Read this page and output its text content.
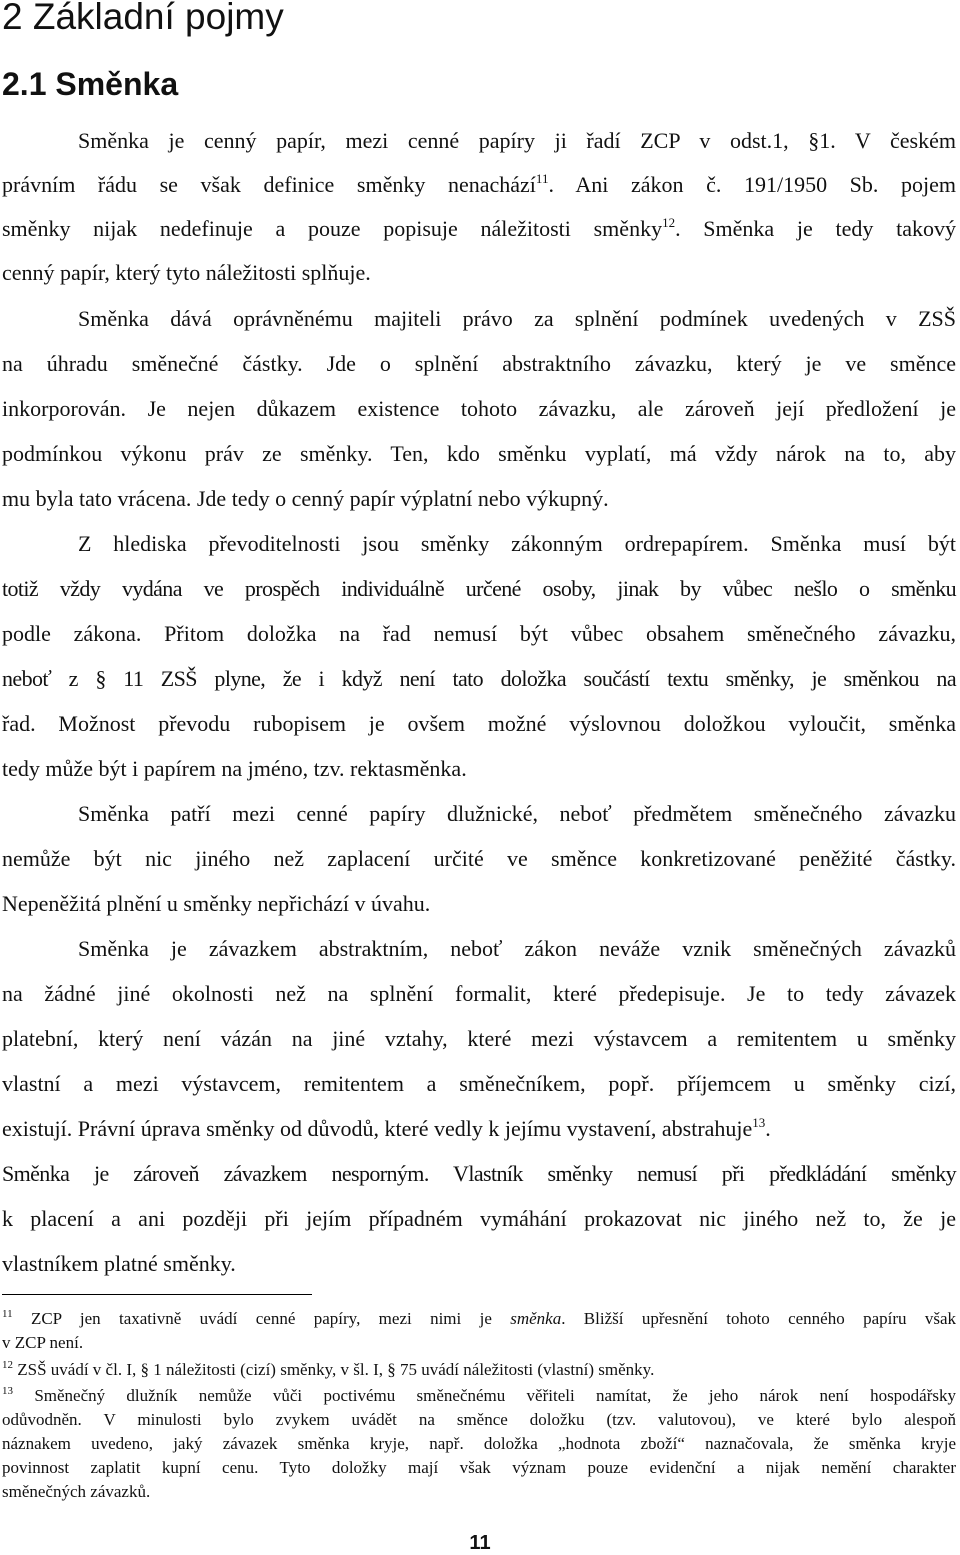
2 Základní pojmy
2.1 Směnka
Směnka je cenný papír, mezi cenné papíry ji řadí ZCP v odst.1, §1. V českém
právním řádu se však definice směnky nenachází$^{11}$. Ani zákon č. 191/1950 Sb. pojem
směnky nijak nedefinuje a pouze popisuje náležitosti směnky$^{12}$. Směnka je tedy takový
cenný papír, který tyto náležitosti splňuje.
Směnka dává oprávněnému majiteli právo za splnění podmínek uvedených v ZSŠ
na úhradu směnečné částky. Jde o splnění abstraktního závazku, který je ve směnce
inkorporován. Je nejen důkazem existence tohoto závazku, ale zároveň její předložení je
podmínkou výkonu práv ze směnky. Ten, kdo směnku vyplatí, má vždy nárok na to, aby
mu byla tato vrácena. Jde tedy o cenný papír výplatní nebo výkupný.
Z hlediska převoditelnosti jsou směnky zákonným ordrepapírem. Směnka musí být
totiž vždy vydána ve prospěch individuálně určené osoby, jinak by vůbec nešlo o směnku
podle zákona. Přitom doložka na řad nemusí být vůbec obsahem směnečného závazku,
neboť z § 11 ZSŠ plyne, že i když není tato doložka součástí textu směnky, je směnkou na
řad. Možnost převodu rubopisem je ovšem možné výslovnou doložkou vyloučit, směnka
tedy může být i papírem na jméno, tzv. rektasměnka.
Směnka patří mezi cenné papíry dlužnické, neboť předmětem směnečného závazku
nemůže být nic jiného než zaplacení určité ve směnce konkretizované peněžité částky.
Nepeněžitá plnění u směnky nepřichází v úvahu.
Směnka je závazkem abstraktním, neboť zákon neváže vznik směnečných závazků
na žádné jiné okolnosti než na splnění formalit, které předepisuje. Je to tedy závazek
platební, který není vázán na jiné vztahy, které mezi výstavcem a remitentem u směnky
vlastní a mezi výstavcem, remitentem a směnečníkem, popř. příjemcem u směnky cizí,
existují. Právní úprava směnky od důvodů, které vedly k jejímu vystavení, abstrahuje$^{13}$.
Směnka je zároveň závazkem nesporným. Vlastník směnky nemusí při předkládání směnky
k placení a ani později při jejím případném vymáhání prokazovat nic jiného než to, že je
vlastníkem platné směnky.
$^{11}$ ZCP jen taxativně uvádí cenné papíry, mezi nimi je směnka. Bližší upřesnění tohoto cenného papíru však
v ZCP není.
$^{12}$ ZSŠ uvádí v čl. I, § 1 náležitosti (cizí) směnky, v šl. I, § 75 uvádí náležitosti (vlastní) směnky.
$^{13}$ Směnečný dlužník nemůže vůči poctivému směnečnému věřiteli namítat, že jeho nárok není hospodářsky
odůvodněn. V minulosti bylo zvykem uvádět na směnce doložku (tzv. valutovou), ve které bylo alespoň
náznakem uvedeno, jaký závazek směnka kryje, např. doložka „hodnota zboží“ naznačovala, že směnka kryje
povinnost zaplatit kupní cenu. Tyto doložky mají však význam pouze evidenční a nijak nemění charakter
směnečných závazků.
11
